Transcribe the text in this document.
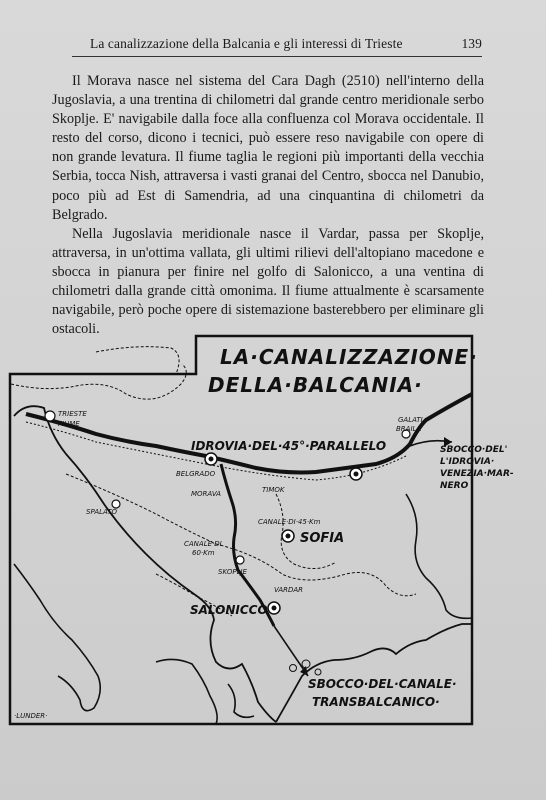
La canalizzazione della Balcania e gli interessi di Trieste	139

Il Morava nasce nel sistema del Cara Dagh (2510) nell'interno della Jugoslavia, a una trentina di chilometri dal grande centro meridionale serbo Skoplje. E' navigabile dalla foce alla confluenza col Morava occidentale. Il resto del corso, dicono i tecnici, può essere reso navigabile con opere di non grande levatura. Il fiume taglia le regioni più importanti della vecchia Serbia, tocca Nish, attraversa i vasti granai del Centro, sbocca nel Danubio, poco più ad Est di Samendria, ad una cinquantina di chilometri da Belgrado.

Nella Jugoslavia meridionale nasce il Vardar, passa per Skoplje, attraversa, in un'ottima vallata, gli ultimi rilievi dell'altopiano macedone e sbocca in pianura per finire nel golfo di Salonicco, a una ventina di chilometri dalla grande città omonima. Il fiume attualmente è scarsamente navigabile, però poche opere di sistemazione basterebbero per eliminare gli ostacoli.

LA·CANALIZZAZIONE·
DELLA·BALCANIA·
TRIESTE
FIUME
IDROVIA·DEL·45°·PARALLELO
GALATI
BRAILA
SBOCCO·DEL'
L'IDROVIA·
VENEZIA·MAR-
NERO
BELGRADO
SPALATO
MORAVA	TIMOK
CANALE·DI·45·Km
CANALE·DI
60·Km
SOFIA
SKOPLJE
VARDAR
SALONICCO
SBOCCO·DEL·CANALE·
TRANSBALCANICO·
·LUNDER·
